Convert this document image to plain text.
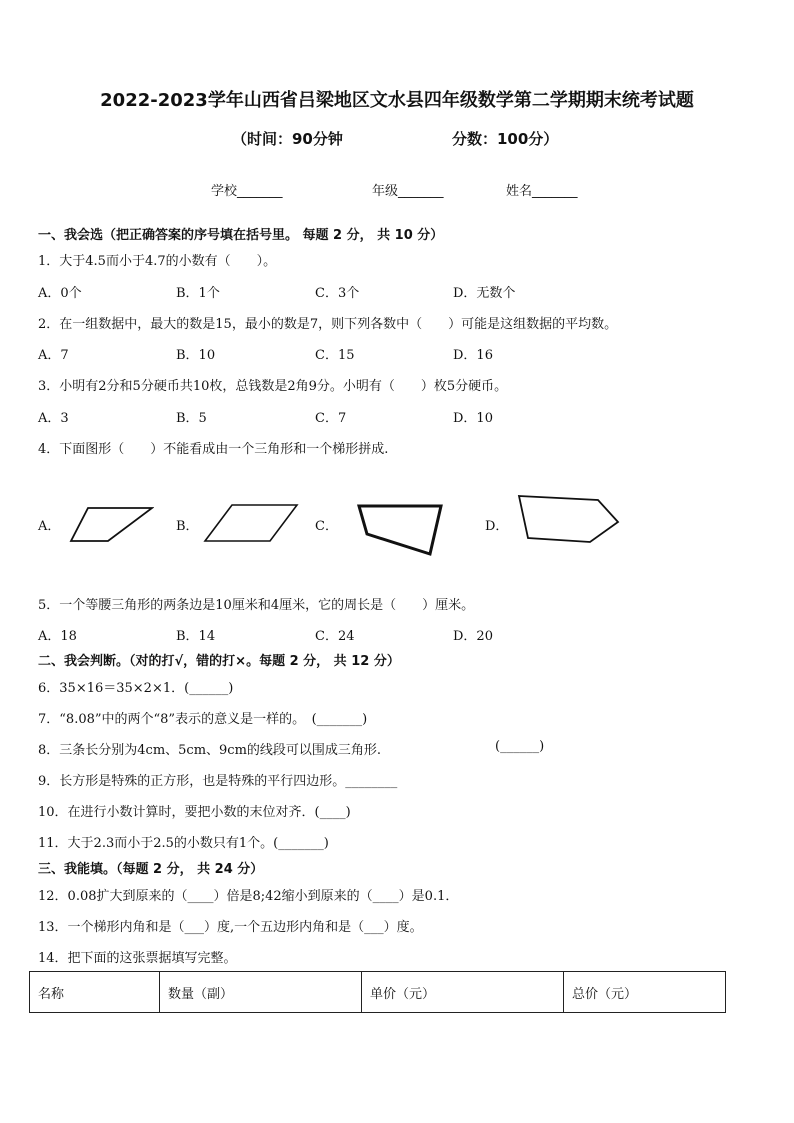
2022-2023学年山西省吕梁地区文水县四年级数学第二学期期末统考试题
（时间：90分钟	分数：100分）
学校_______	年级_______	姓名_______
一、我会选（把正确答案的序号填在括号里。 每题 2 分， 共 10 分）
1．大于4.5而小于4.7的小数有（　　）。
A．0个	B．1个	C．3个	D．无数个
2．在一组数据中，最大的数是15，最小的数是7，则下列各数中（　　）可能是这组数据的平均数。
A．7	B．10	C．15	D．16
3．小明有2分和5分硬币共10枚，总钱数是2角9分。小明有（　　）枚5分硬币。
A．3	B．5	C．7	D．10
4．下面图形（　　）不能看成由一个三角形和一个梯形拼成.
A．	B．	C．	D．
5．一个等腰三角形的两条边是10厘米和4厘米，它的周长是（　　）厘米。
A．18	B．14	C．24	D．20
二、我会判断。（对的打√，错的打×。每题 2 分， 共 12 分）
6．35×16＝35×2×1．(______)
7．“8.08”中的两个“8”表示的意义是一样的。　(_______)
8．三条长分别为4cm、5cm、9cm的线段可以围成三角形.	(______)
9．长方形是特殊的正方形，也是特殊的平行四边形。________
10．在进行小数计算时，要把小数的末位对齐．(____)
11．大于2.3而小于2.5的小数只有1个。(_______)
三、我能填。（每题 2 分， 共 24 分）
12．0.08扩大到原来的（____）倍是8;42缩小到原来的（____）是0.1．
13．一个梯形内角和是（___）度,一个五边形内角和是（___）度。
14．把下面的这张票据填写完整。
名称	数量（副）	单价（元）	总价（元）
